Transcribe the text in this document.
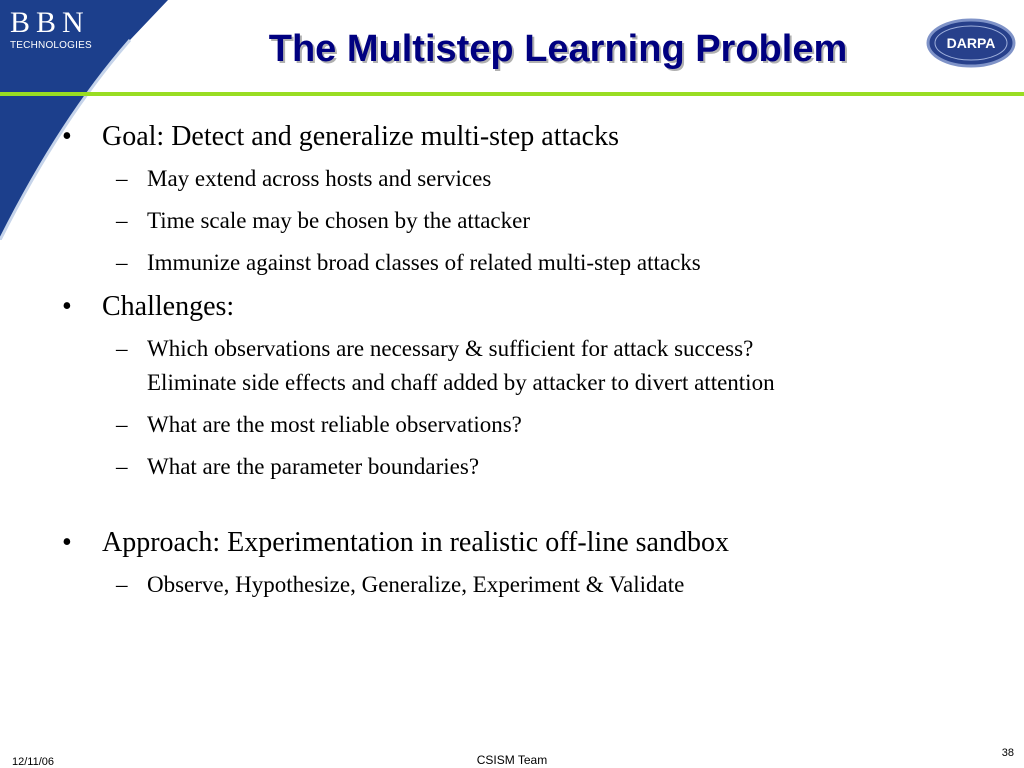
BBN
TECHNOLOGIES	The Multistep Learning Problem	DARPA

• Goal: Detect and generalize multi-step attacks

– May extend across hosts and services

– Time scale may be chosen by the attacker

– Immunize against broad classes of related multi-step attacks

• Challenges:

– Which observations are necessary & sufficient for attack success?

Eliminate side effects and chaff added by attacker to divert attention

– What are the most reliable observations?

– What are the parameter boundaries?

• Approach: Experimentation in realistic off-line sandbox

– Observe, Hypothesize, Generalize, Experiment & Validate

12/11/06	CSISM Team	38
